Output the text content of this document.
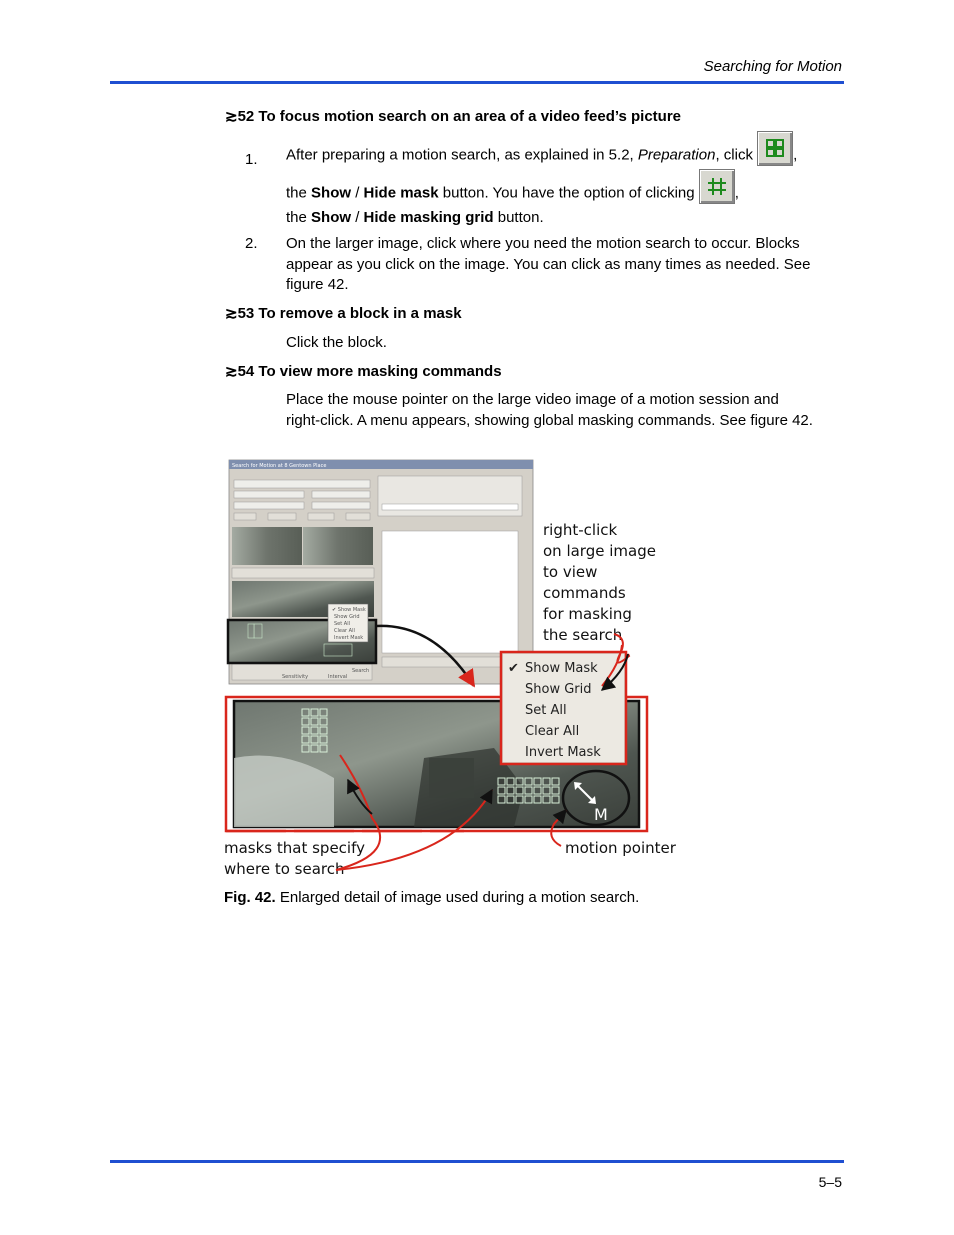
Searching for Motion
≳52 To focus motion search on an area of a video feed’s picture
1. After preparing a motion search, as explained in 5.2, Preparation, click	,
the Show / Hide mask button. You have the option of clicking	,
the Show / Hide masking grid button.
2. On the larger image, click where you need the motion search to occur. Blocks appear as you click on the image. You can click as many times as needed. See figure 42.
≳53 To remove a block in a mask
Click the block.
≳54 To view more masking commands
Place the mouse pointer on the large video image of a motion session and right-click. A menu appears, showing global masking commands. See figure 42.
Search for Motion at 8 Gentown Place
Sensitivity	Interval
Search
✔ Show Mask
Show Grid
Set All
Clear All
Invert Mask
M
✔ Show Mask
Show Grid
Set All
Clear All
Invert Mask
right-click
on large image
to view
commands
for masking
the search
masks that specify
where to search
motion pointer
Fig. 42. Enlarged detail of image used during a motion search.
5–5
